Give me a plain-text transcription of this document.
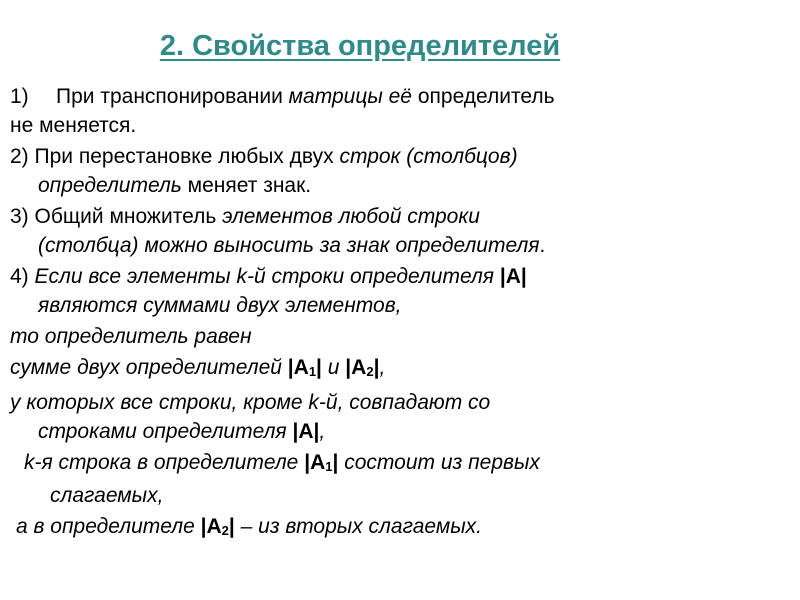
2. Свойства определителей
1) При транспонировании матрицы её определитель
не меняется.
2) При перестановке любых двух строк (столбцов)
определитель меняет знак.
3) Общий множитель элементов любой строки
(столбца) можно выносить за знак определителя.
4) Если все элементы k-й строки определителя |A|
являются суммами двух элементов,
то определитель равен
сумме двух определителей $|A_1|$ и $|A_2|$,
у которых все строки, кроме k-й, совпадают со
строками определителя |A|,
k-я строка в определителе $|A_1|$ состоит из первых
слагаемых,
а в определителе $|A_2|$ – из вторых слагаемых.
